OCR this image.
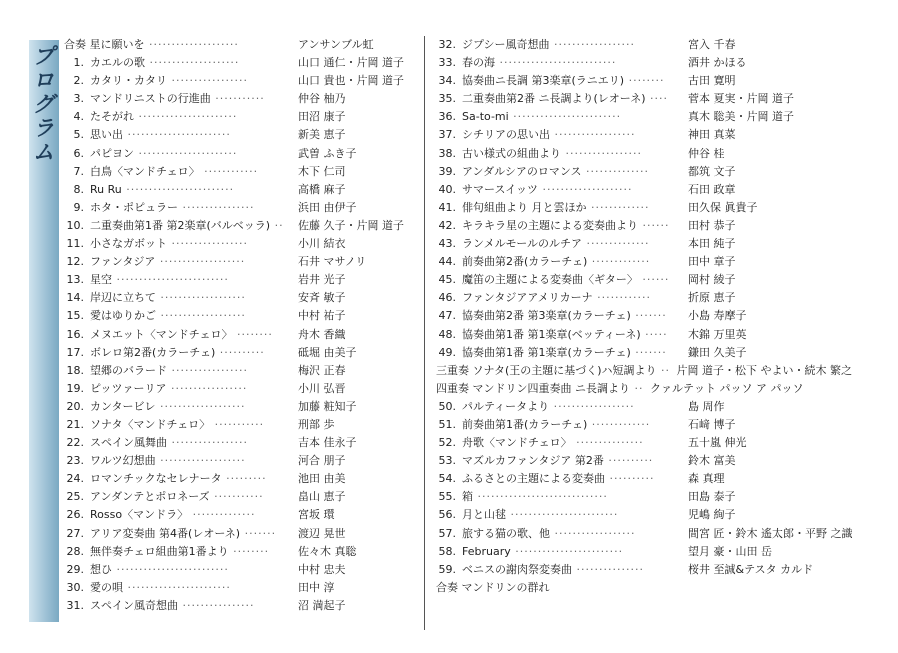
プログラム 合奏 星に願いを ····················	アンサンブル虹
1. カエルの歌 ····················	山口 通仁・片岡 道子
2. カタリ・カタリ ·················	山口 貴也・片岡 道子
3. マンドリニストの行進曲 ···········	仲谷 柚乃
4. たそがれ ······················	田沼 康子
5. 思い出 ·······················	新美 恵子
6. パピヨン ······················	武曽 ふき子
7. 白鳥〈マンドチェロ〉 ············	木下 仁司
8. Ru Ru ························	高橋 麻子
9. ホタ・ポピュラー ················	浜田 由伊子
10. 二重奏曲第1番 第2楽章(バルベッラ) ·· 佐藤 久子・片岡 道子
11. 小さなガボット ·················	小川 結衣
12. ファンタジア ···················	石井 マサノリ
13. 星空 ·························	岩井 光子
14. 岸辺に立ちて ···················	安斉 敏子
15. 愛はゆりかご ···················	中村 祐子
16. メヌエット〈マンドチェロ〉 ········ 舟木 香織
17. ボレロ第2番(カラーチェ) ··········	砥堀 由美子
18. 望郷のバラード ·················	梅沢 正春
19. ピッツァーリア ·················	小川 弘晋
20. カンタービレ ···················	加藤 粧知子
21. ソナタ〈マンドチェロ〉 ···········	刑部 歩
22. スペイン風舞曲 ·················	吉本 佳永子
23. ワルツ幻想曲 ···················	河合 朋子
24. ロマンチックなセレナータ ·········	池田 由美
25. アンダンテとポロネーズ ···········	畠山 恵子
26. Rosso〈マンドラ〉 ··············	宮坂 環
27. アリア変奏曲 第4番(レオーネ) ······· 渡辺 晃世
28. 無伴奏チェロ組曲第1番より ········	佐々木 真聡
29. 想ひ ·························	中村 忠夫
30. 愛の唄 ·······················	田中 淳
31. スペイン風奇想曲 ················	沼 満起子
32. ジプシー風奇想曲 ··················	宮入 千春
33. 春の海 ··························	酒井 かほる
34. 協奏曲ニ長調 第3楽章(ラニエリ) ········ 古田 寛明
35. 二重奏曲第2番 ニ長調より(レオーネ) ···· 菅本 夏実・片岡 道子
36. Sa-to-mi ························	真木 聡美・片岡 道子
37. シチリアの思い出 ··················	神田 真菜
38. 古い様式の組曲より ·················	仲谷 桂
39. アンダルシアのロマンス ··············	都筑 文子
40. サマースイッツ ····················	石田 政章
41. 俳句組曲より 月と雲ほか ·············	田久保 眞貴子
42. キラキラ星の主題による変奏曲より ······ 田村 恭子
43. ランメルモールのルチア ··············	本田 純子
44. 前奏曲第2番(カラーチェ) ·············	田中 章子
45. 魔笛の主題による変奏曲〈ギター〉 ······ 岡村 綾子
46. ファンタジアアメリカーナ ············	折原 恵子
47. 協奏曲第2番 第3楽章(カラーチェ) ······· 小島 寿摩子
48. 協奏曲第1番 第1楽章(ベッティーネ) ····· 木錦 万里英
49. 協奏曲第1番 第1楽章(カラーチェ) ······· 鎌田 久美子
三重奏 ソナタ(王の主題に基づく)ハ短調より ·· 片岡 道子・松下 やよい・続木 繁之
四重奏 マンドリン四重奏曲 ニ長調より ·· クァルテット パッソ ア パッソ
50. パルティータより ··················	島 周作
51. 前奏曲第1番(カラーチェ) ·············	石﨑 博子
52. 舟歌〈マンドチェロ〉 ···············	五十嵐 伸光
53. マズルカファンタジア 第2番 ··········	鈴木 富美
54. ふるさとの主題による変奏曲 ··········	森 真理
55. 箱 ·····························	田島 泰子
56. 月と山毬 ························	児嶋 絢子
57. 旅する猫の歌、他 ··················	間宮 匠・鈴木 遙太郎・平野 之識
58. February ························	望月 豪・山田 岳
59. ベニスの謝肉祭変奏曲 ···············	桜井 至誠&テスタ カルド
合奏 マンドリンの群れ
